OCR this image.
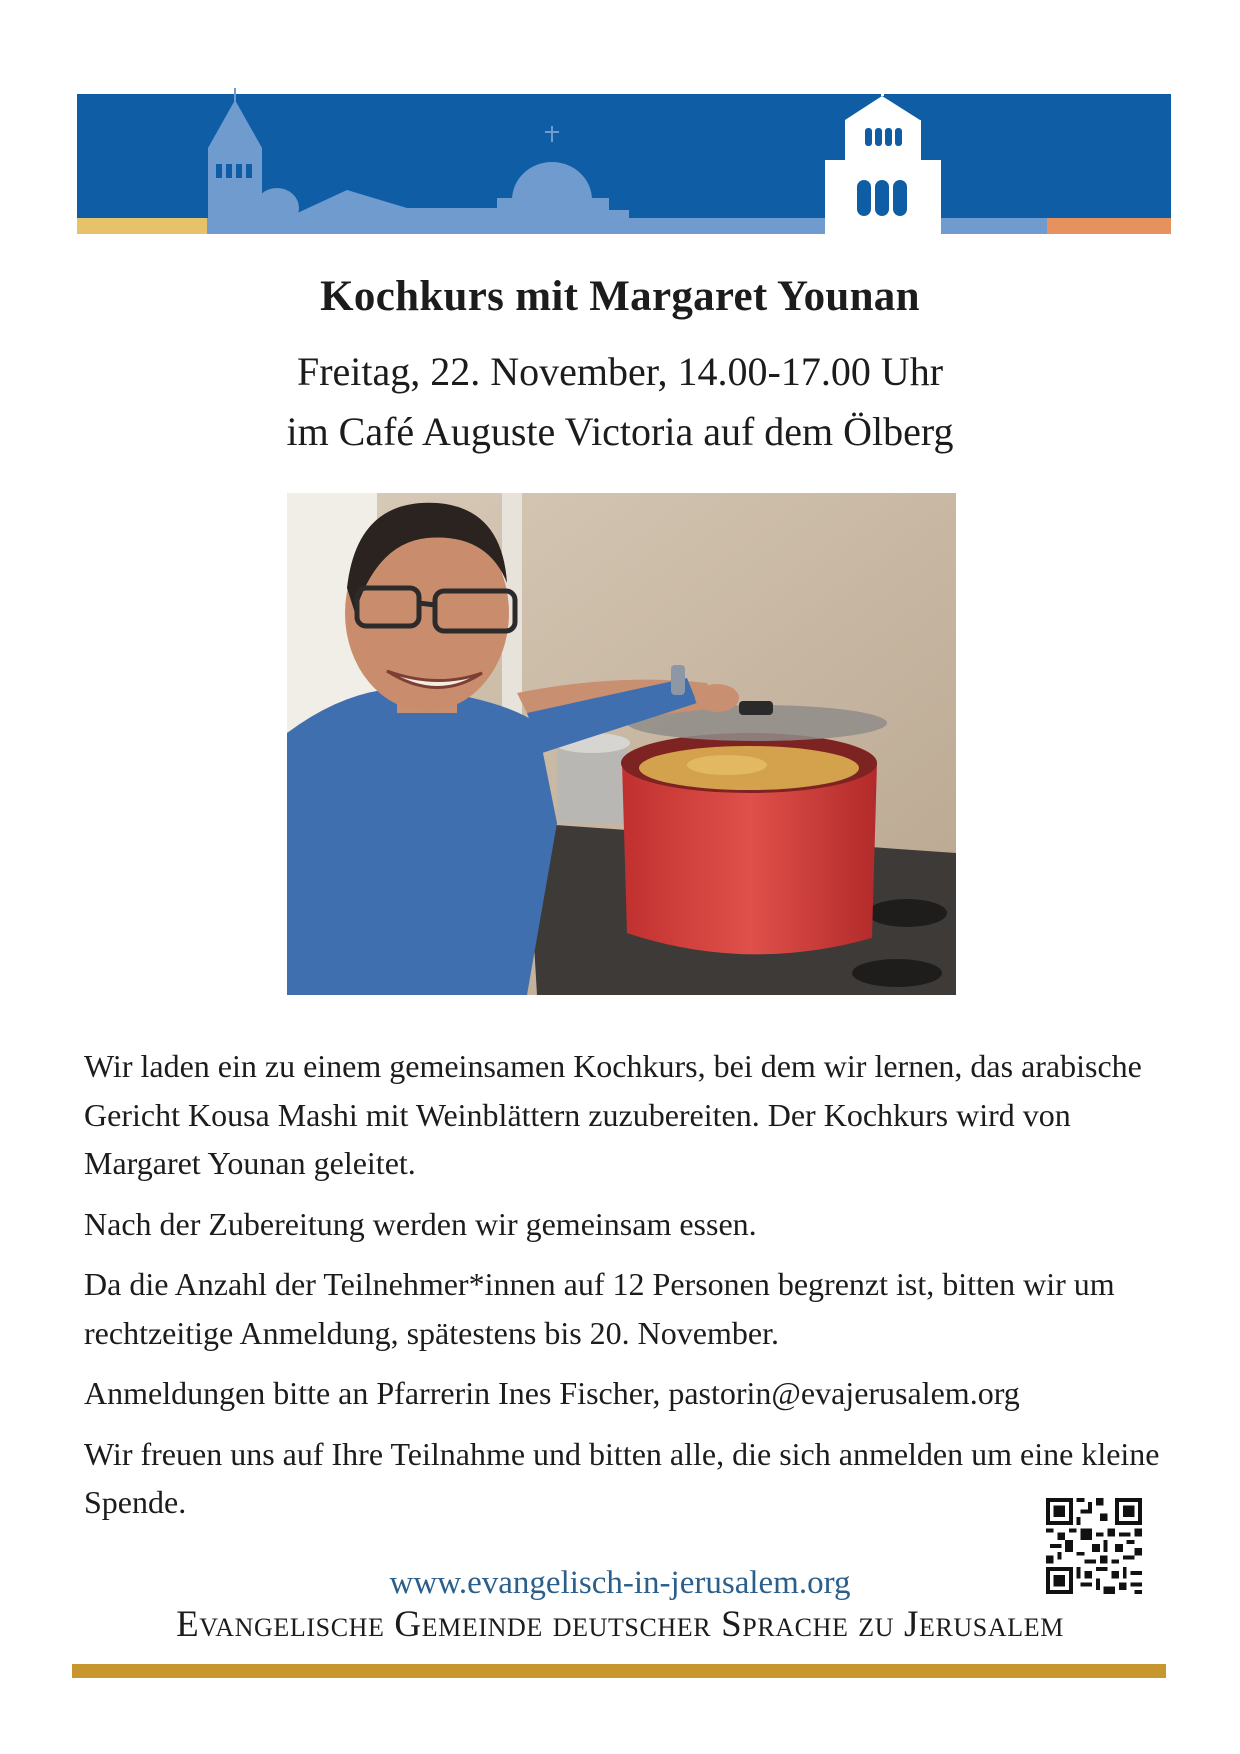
Kochkurs mit Margaret Younan
Freitag, 22. November, 14.00-17.00 Uhr
im Café Auguste Victoria auf dem Ölberg

Wir laden ein zu einem gemeinsamen Kochkurs, bei dem wir lernen, das arabische Gericht Kousa Mashi mit Weinblättern zuzubereiten. Der Kochkurs wird von Margaret Younan geleitet.

Nach der Zubereitung werden wir gemeinsam essen.

Da die Anzahl der Teilnehmer*innen auf 12 Personen begrenzt ist, bitten wir um rechtzeitige Anmeldung, spätestens bis 20. November.

Anmeldungen bitte an Pfarrerin Ines Fischer, pastorin@evajerusalem.org

Wir freuen uns auf Ihre Teilnahme und bitten alle, die sich anmelden um eine kleine Spende.

www.evangelisch-in-jerusalem.org
Evangelische Gemeinde deutscher Sprache zu Jerusalem
